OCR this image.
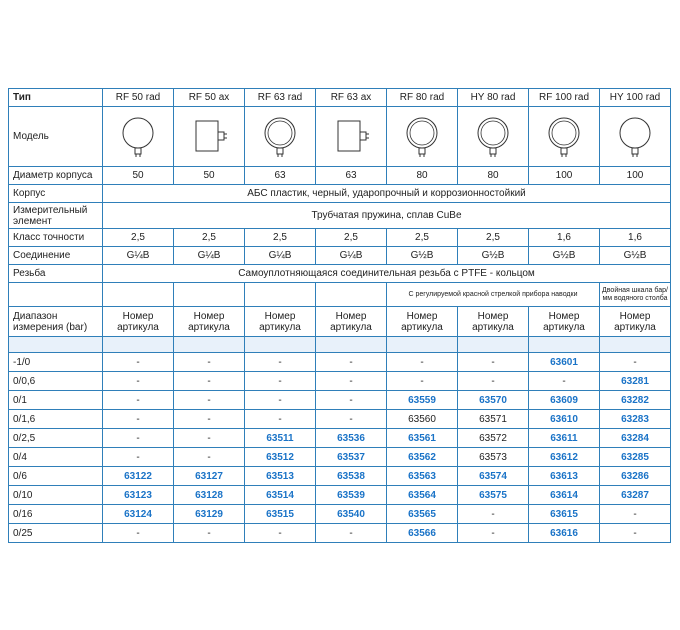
Тип	RF 50 rad	RF 50 ax	RF 63 rad	RF 63 ax	RF 80 rad	HY 80 rad	RF 100 rad	HY 100 rad
Модель	

Диаметр корпуса	50	50	63	63	80	80	100	100
Корпус	АБС пластик, черный, ударопрочный и коррозионностойкий							
Измерительный элемент	Трубчатая пружина, сплав CuBe							
Класс точности	2,5	2,5	2,5	2,5	2,5	2,5	1,6	1,6
Соединение	G¼B	G¼B	G¼B	G¼B	G½B	G½B	G½B	G½B
Резьба	Самоуплотняющаяся соединительная резьба с PTFE - кольцом							
					С регулируемой красной стрелкой прибора наводки			Двойная шкала бар/ мм водяного столба
Диапазон измерения (bar)	Номер артикула	Номер артикула	Номер артикула	Номер артикула	Номер артикула	Номер артикула	Номер артикула	Номер артикула

-1/0	-	-	-	-	-	-	63601	-
0/0,6	-	-	-	-	-	-	-	63281
0/1	-	-	-	-	63559	63570	63609	63282
0/1,6	-	-	-	-	63560	63571	63610	63283
0/2,5	-	-	63511	63536	63561	63572	63611	63284
0/4	-	-	63512	63537	63562	63573	63612	63285
0/6	63122	63127	63513	63538	63563	63574	63613	63286
0/10	63123	63128	63514	63539	63564	63575	63614	63287
0/16	63124	63129	63515	63540	63565	-	63615	-
0/25	-	-	-	-	63566	-	63616	-
